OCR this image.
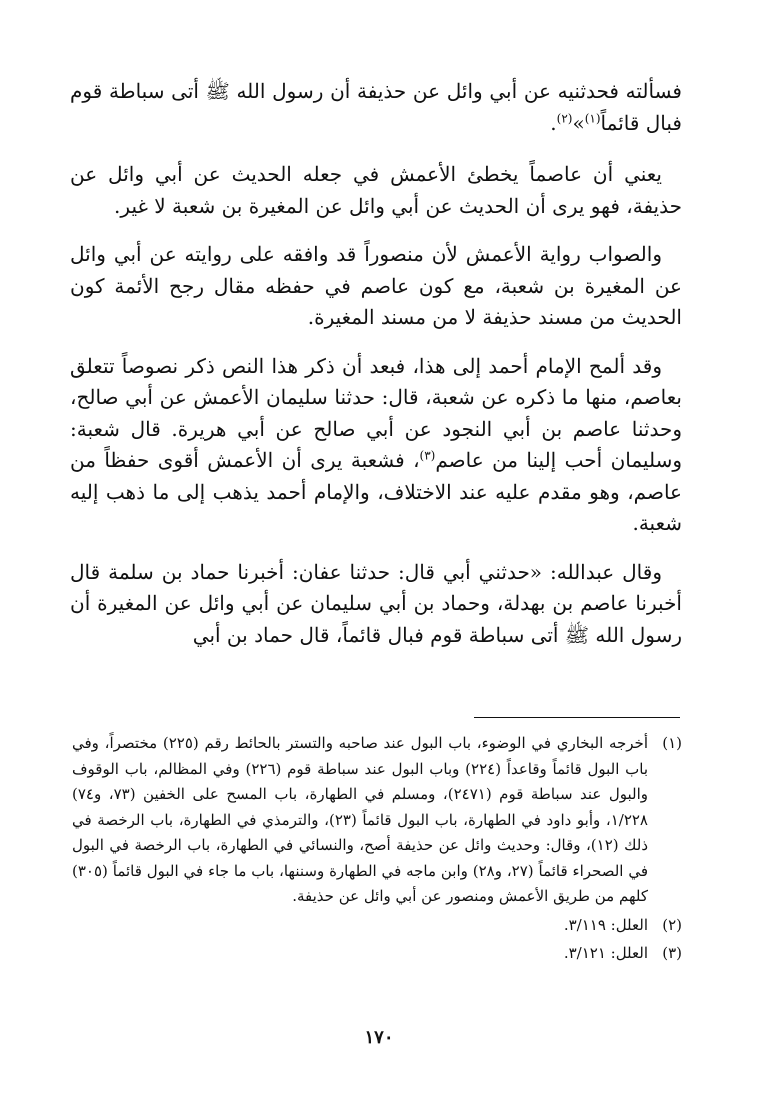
فسألته فحدثنيه عن أبي وائل عن حذيفة أن رسول الله ﷺ أتى سباطة قوم فبال قائماً$^{(١)}$»$^{(٢)}$.

يعني أن عاصماً يخطئ الأعمش في جعله الحديث عن أبي وائل عن حذيفة، فهو يرى أن الحديث عن أبي وائل عن المغيرة بن شعبة لا غير.

والصواب رواية الأعمش لأن منصوراً قد وافقه على روايته عن أبي وائل عن المغيرة بن شعبة، مع كون عاصم في حفظه مقال رجح الأئمة كون الحديث من مسند حذيفة لا من مسند المغيرة.

وقد ألمح الإمام أحمد إلى هذا، فبعد أن ذكر هذا النص ذكر نصوصاً تتعلق بعاصم، منها ما ذكره عن شعبة، قال: حدثنا سليمان الأعمش عن أبي صالح، وحدثنا عاصم بن أبي النجود عن أبي صالح عن أبي هريرة. قال شعبة: وسليمان أحب إلينا من عاصم$^{(٣)}$، فشعبة يرى أن الأعمش أقوى حفظاً من عاصم، وهو مقدم عليه عند الاختلاف، والإمام أحمد يذهب إلى ما ذهب إليه شعبة.

وقال عبدالله: «حدثني أبي قال: حدثنا عفان: أخبرنا حماد بن سلمة قال أخبرنا عاصم بن بهدلة، وحماد بن أبي سليمان عن أبي وائل عن المغيرة أن رسول الله ﷺ أتى سباطة قوم فبال قائماً، قال حماد بن أبي

(١)
أخرجه البخاري في الوضوء، باب البول عند صاحبه والتستر بالحائط رقم (٢٢٥) مختصراً، وفي باب البول قائماً وقاعداً (٢٢٤) وباب البول عند سباطة قوم (٢٢٦) وفي المظالم، باب الوقوف والبول عند سباطة قوم (٢٤٧١)، ومسلم في الطهارة، باب المسح على الخفين (٧٣، و٧٤) ١/٢٢٨، وأبو داود في الطهارة، باب البول قائماً (٢٣)، والترمذي في الطهارة، باب الرخصة في ذلك (١٢)، وقال: وحديث وائل عن حذيفة أصح، والنسائي في الطهارة، باب الرخصة في البول في الصحراء قائماً (٢٧، و٢٨) وابن ماجه في الطهارة وسننها، باب ما جاء في البول قائماً (٣٠٥) كلهم من طريق الأعمش ومنصور عن أبي وائل عن حذيفة.
(٢)
العلل: ٣/١١٩.
(٣)
العلل: ٣/١٢١.
١٧٠
